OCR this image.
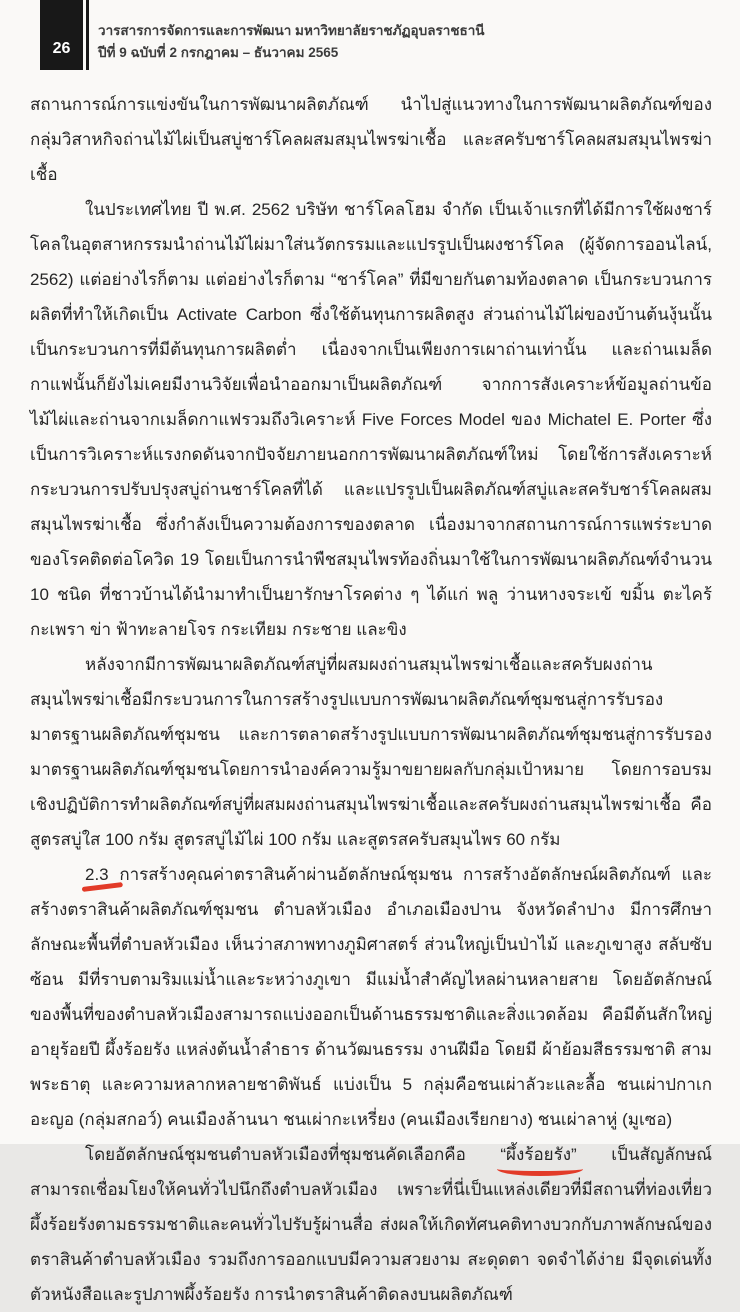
26
วารสารการจัดการและการพัฒนา มหาวิทยาลัยราชภัฏอุบลราชธานี
ปีที่ 9 ฉบับที่ 2 กรกฎาคม – ธันวาคม 2565

สถานการณ์การแข่งขันในการพัฒนาผลิตภัณฑ์ นำไปสู่แนวทางในการพัฒนาผลิตภัณฑ์ของกลุ่มวิสาหกิจถ่านไม้ไผ่เป็นสบู่ชาร์โคลผสมสมุนไพรฆ่าเชื้อ และสครับชาร์โคลผสมสมุนไพรฆ่าเชื้อ

ในประเทศไทย ปี พ.ศ. 2562 บริษัท ชาร์โคลโฮม จำกัด เป็นเจ้าแรกที่ได้มีการใช้ผงชาร์โคลในอุตสาหกรรมนำถ่านไม้ไผ่มาใส่นวัตกรรมและแปรรูปเป็นผงชาร์โคล (ผู้จัดการออนไลน์, 2562) แต่อย่างไรก็ตาม แต่อย่างไรก็ตาม “ชาร์โคล” ที่มีขายกันตามท้องตลาด เป็นกระบวนการผลิตที่ทำให้เกิดเป็น Activate Carbon ซึ่งใช้ต้นทุนการผลิตสูง ส่วนถ่านไม้ไผ่ของบ้านต้นงุ้นนั้นเป็นกระบวนการที่มีต้นทุนการผลิตต่ำ เนื่องจากเป็นเพียงการเผาถ่านเท่านั้น และถ่านเมล็ดกาแฟนั้นก็ยังไม่เคยมีงานวิจัยเพื่อนำออกมาเป็นผลิตภัณฑ์ จากการสังเคราะห์ข้อมูลถ่านข้อไม้ไผ่และถ่านจากเมล็ดกาแฟรวมถึงวิเคราะห์ Five Forces Model ของ Michatel E. Porter ซึ่งเป็นการวิเคราะห์แรงกดดันจากปัจจัยภายนอกการพัฒนาผลิตภัณฑ์ใหม่ โดยใช้การสังเคราะห์กระบวนการปรับปรุงสบู่ถ่านชาร์โคลที่ได้ และแปรรูปเป็นผลิตภัณฑ์สบู่และสครับชาร์โคลผสมสมุนไพรฆ่าเชื้อ ซึ่งกำลังเป็นความต้องการของตลาด เนื่องมาจากสถานการณ์การแพร่ระบาดของโรคติดต่อโควิด 19 โดยเป็นการนำพืชสมุนไพรท้องถิ่นมาใช้ในการพัฒนาผลิตภัณฑ์จำนวน 10 ชนิด ที่ชาวบ้านได้นำมาทำเป็นยารักษาโรคต่าง ๆ ได้แก่ พลู ว่านหางจระเข้ ขมิ้น ตะไคร้ กะเพรา ข่า ฟ้าทะลายโจร กระเทียม กระชาย และขิง

หลังจากมีการพัฒนาผลิตภัณฑ์สบู่ที่ผสมผงถ่านสมุนไพรฆ่าเชื้อและสครับผงถ่านสมุนไพรฆ่าเชื้อมีกระบวนการในการสร้างรูปแบบการพัฒนาผลิตภัณฑ์ชุมชนสู่การรับรองมาตรฐานผลิตภัณฑ์ชุมชน และการตลาดสร้างรูปแบบการพัฒนาผลิตภัณฑ์ชุมชนสู่การรับรองมาตรฐานผลิตภัณฑ์ชุมชนโดยการนำองค์ความรู้มาขยายผลกับกลุ่มเป้าหมาย โดยการอบรมเชิงปฏิบัติการทำผลิตภัณฑ์สบู่ที่ผสมผงถ่านสมุนไพรฆ่าเชื้อและสครับผงถ่านสมุนไพรฆ่าเชื้อ คือสูตรสบู่ใส 100 กรัม สูตรสบู่ไม้ไผ่ 100 กรัม และสูตรสครับสมุนไพร 60 กรัม

2.3 การสร้างคุณค่าตราสินค้าผ่านอัตลักษณ์ชุมชน การสร้างอัตลักษณ์ผลิตภัณฑ์ และสร้างตราสินค้าผลิตภัณฑ์ชุมชน ตำบลหัวเมือง อำเภอเมืองปาน จังหวัดลำปาง มีการศึกษาลักษณะพื้นที่ตำบลหัวเมือง เห็นว่าสภาพทางภูมิศาสตร์ ส่วนใหญ่เป็นป่าไม้ และภูเขาสูง สลับซับซ้อน มีที่ราบตามริมแม่น้ำและระหว่างภูเขา มีแม่น้ำสำคัญไหลผ่านหลายสาย โดยอัตลักษณ์ของพื้นที่ของตำบลหัวเมืองสามารถแบ่งออกเป็นด้านธรรมชาติและสิ่งแวดล้อม คือมีต้นสักใหญ่อายุร้อยปี ผึ้งร้อยรัง แหล่งต้นน้ำลำธาร ด้านวัฒนธรรม งานฝีมือ โดยมี ผ้าย้อมสีธรรมชาติ สามพระธาตุ และความหลากหลายชาติพันธ์ แบ่งเป็น 5 กลุ่มคือชนเผ่าลัวะและลื้อ ชนเผ่าปกาเกอะญอ (กลุ่มสกอว์) คนเมืองล้านนา ชนเผ่ากะเหรี่ยง (คนเมืองเรียกยาง) ชนเผ่าลาหู่ (มูเซอ)

โดยอัตลักษณ์ชุมชนตำบลหัวเมืองที่ชุมชนคัดเลือกคือ “ผึ้งร้อยรัง” เป็นสัญลักษณ์สามารถเชื่อมโยงให้คนทั่วไปนึกถึงตำบลหัวเมือง เพราะที่นี่เป็นแหล่งเดียวที่มีสถานที่ท่องเที่ยวผึ้งร้อยรังตามธรรมชาติและคนทั่วไปรับรู้ผ่านสื่อ ส่งผลให้เกิดทัศนคติทางบวกกับภาพลักษณ์ของตราสินค้าตำบลหัวเมือง รวมถึงการออกแบบมีความสวยงาม สะดุดตา จดจำได้ง่าย มีจุดเด่นทั้งตัวหนังสือและรูปภาพผึ้งร้อยรัง การนำตราสินค้าติดลงบนผลิตภัณฑ์
